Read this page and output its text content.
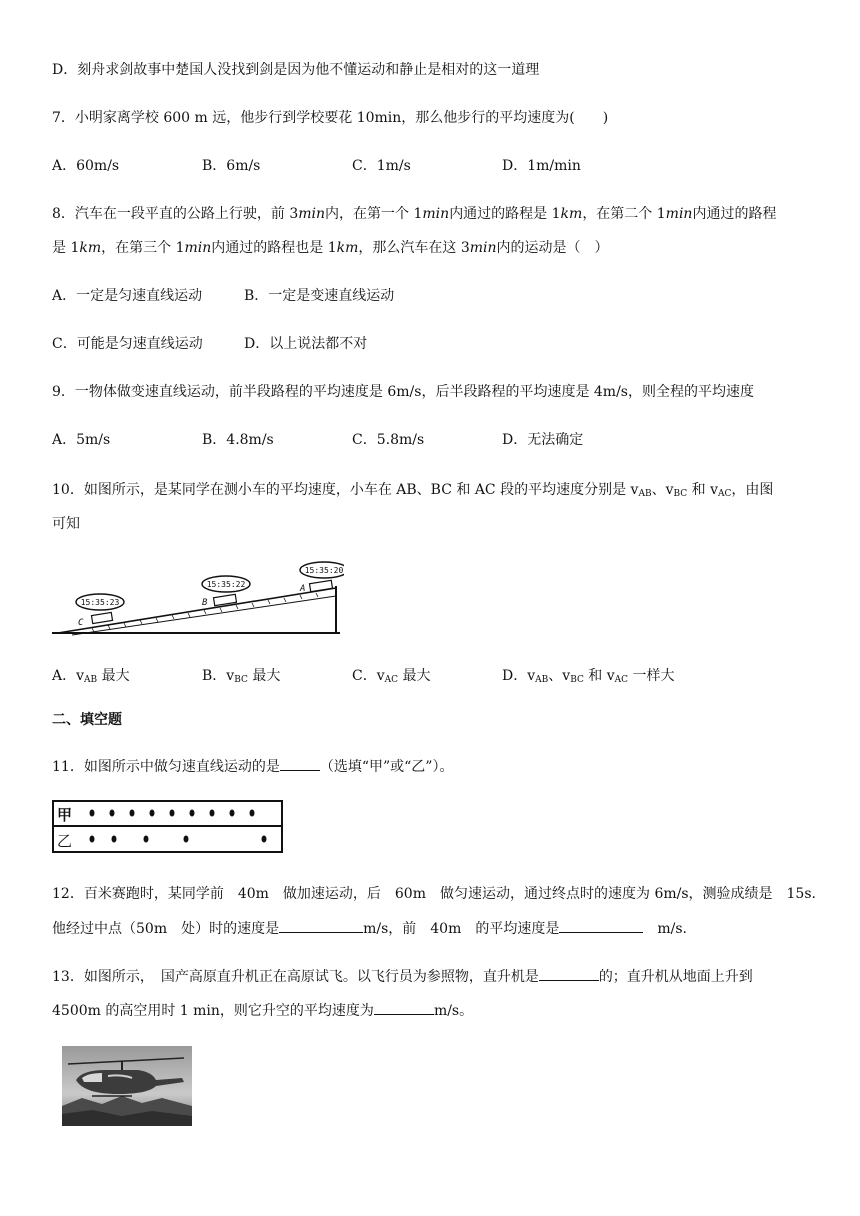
D．刻舟求剑故事中楚国人没找到剑是因为他不懂运动和静止是相对的这一道理
7．小明家离学校 600 m 远，他步行到学校要花 10min，那么他步行的平均速度为(　　)
A．60m/s	B．6m/s	C．1m/s	D．1m/min
8．汽车在一段平直的公路上行驶，前 3min内，在第一个 1min内通过的路程是 1km，在第二个 1min内通过的路程
是 1km，在第三个 1min内通过的路程也是 1km，那么汽车在这 3min内的运动是（　）
A．一定是匀速直线运动	B．一定是变速直线运动
C．可能是匀速直线运动	D．以上说法都不对
9．一物体做变速直线运动，前半段路程的平均速度是 6m/s，后半段路程的平均速度是 4m/s，则全程的平均速度
A．5m/s	B．4.8m/s	C．5.8m/s	D．无法确定
10．如图所示，是某同学在测小车的平均速度，小车在 AB、BC 和 AC 段的平均速度分别是 $v_{AB}$、$v_{BC}$ 和 $v_{AC}$，由图
可知
15:35:23
C
15:35:22
B
15:35:20
A
A．$v_{AB}$ 最大	B．$v_{BC}$ 最大	C．$v_{AC}$ 最大	D．$v_{AB}$、$v_{BC}$ 和 $v_{AC}$ 一样大
二、填空题
11．如图所示中做匀速直线运动的是	（选填“甲”或“乙”）。
甲
乙
12．百米赛跑时，某同学前　40m　做加速运动，后　60m　做匀速运动，通过终点时的速度为 6m/s，测验成绩是　15s.
他经过中点（50m　处）时的速度是	m/s，前　40m　的平均速度是	　m/s.
13．如图所示，　国产高原直升机正在高原试飞。以飞行员为参照物，直升机是	的；直升机从地面上升到
4500m 的高空用时 1 min，则它升空的平均速度为	m/s。
